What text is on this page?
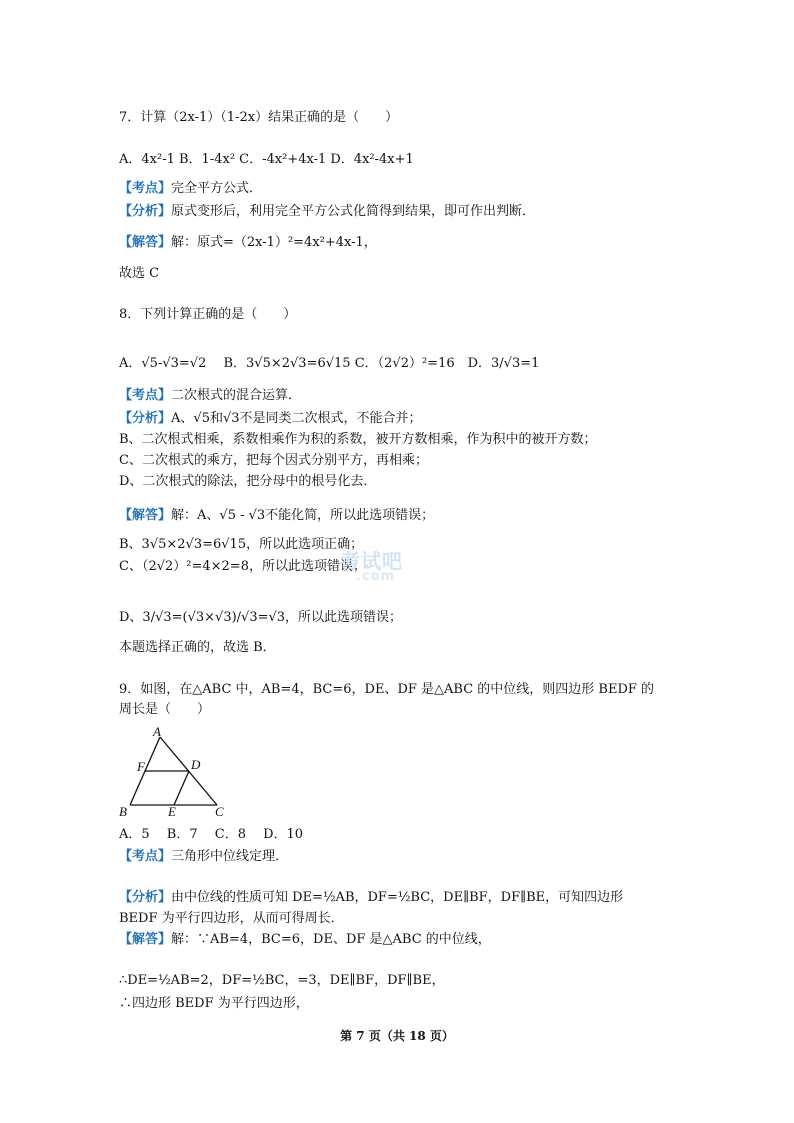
7．计算（2x-1）（1-2x）结果正确的是（　　）
A．4x²-1 B．1-4x² C．-4x²+4x-1 D．4x²-4x+1
【考点】完全平方公式．
【分析】原式变形后，利用完全平方公式化简得到结果，即可作出判断．
【解答】解：原式=（2x-1）²=4x²+4x-1，
故选 C
8．下列计算正确的是（　　）
A．√5-√3=√2　 B．3√5×2√3=6√15 C．（2√2）²=16　D．3/√3=1
【考点】二次根式的混合运算．
【分析】A、√5和√3不是同类二次根式，不能合并；
B、二次根式相乘，系数相乘作为积的系数，被开方数相乘，作为积中的被开方数；
C、二次根式的乘方，把每个因式分别平方，再相乘；
D、二次根式的除法，把分母中的根号化去．
【解答】解：A、√5 - √3不能化简，所以此选项错误；
B、3√5×2√3=6√15，所以此选项正确；
C、（2√2）²=4×2=8，所以此选项错误；
D、3/√3=(√3×√3)/√3=√3，所以此选项错误；
本题选择正确的，故选 B．
考试吧
.com
9．如图，在△ABC 中，AB=4，BC=6，DE、DF 是△ABC 的中位线，则四边形 BEDF 的
周长是（　　）
A
F	D
B	E	C
A．5　 B．7　 C．8　 D．10
【考点】三角形中位线定理．
【分析】由中位线的性质可知 DE=½AB，DF=½BC，DE∥BF，DF∥BE，可知四边形
BEDF 为平行四边形，从而可得周长．
【解答】解：∵AB=4，BC=6，DE、DF 是△ABC 的中位线，
∴DE=½AB=2，DF=½BC，=3，DE∥BF，DF∥BE，
∴四边形 BEDF 为平行四边形，
第 7 页（共 18 页）
